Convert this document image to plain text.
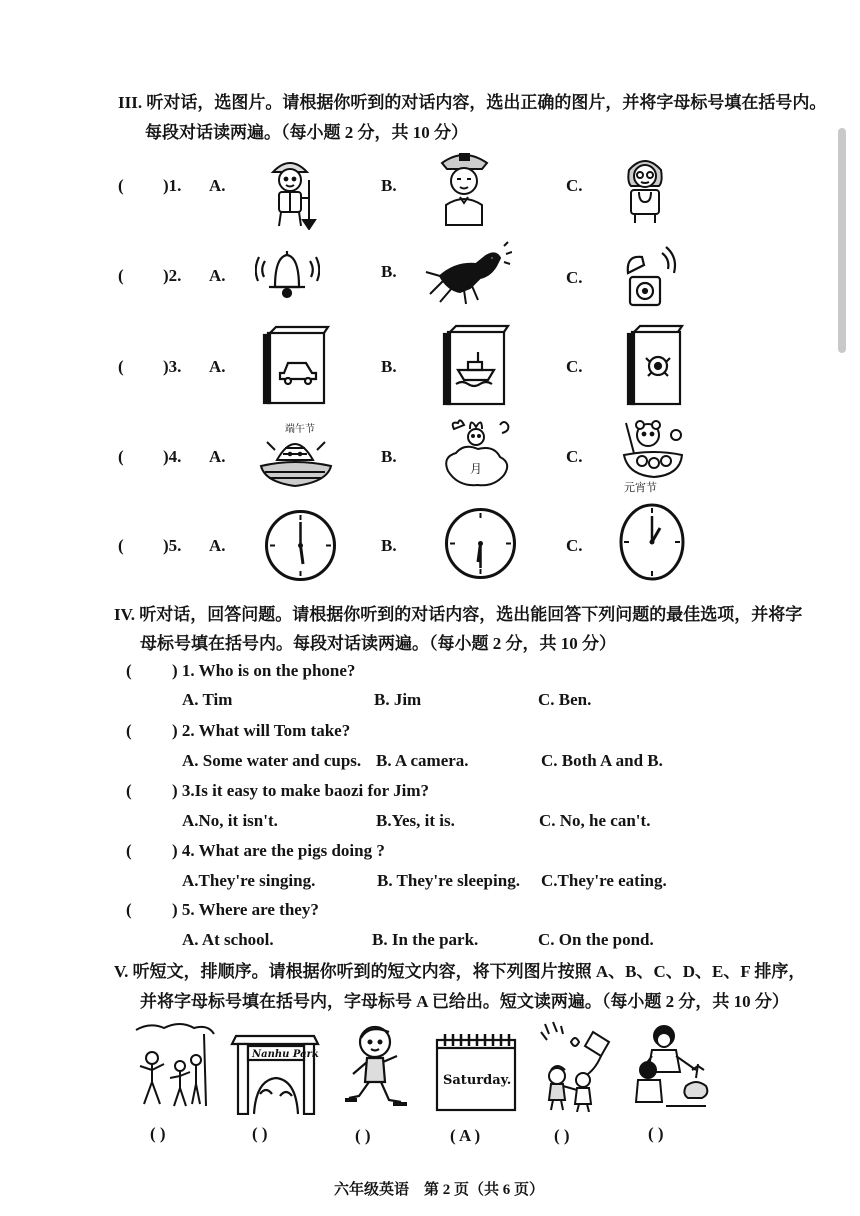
III. 听对话，选图片。请根据你听到的对话内容，选出正确的图片，并将字母标号填在括号内。
每段对话读两遍。（每小题 2 分，共 10 分）
( )1. A.	B.	C.
( )2. A.	B.	C.
( )3. A.	B.	C.
( )4. A.	B.	C.
端午节
月
元宵节
( )5. A.	B.	C.
IV. 听对话，回答问题。请根据你听到的对话内容，选出能回答下列问题的最佳选项，并将字
母标号填在括号内。每段对话读两遍。（每小题 2 分，共 10 分）
( ) 1. Who is on the phone?
A. Tim	B. Jim	C. Ben.
( ) 2. What will Tom take?
A. Some water and cups. B. A camera.	C. Both A and B.
( ) 3.Is it easy to make baozi for Jim?
A.No, it isn't.	B.Yes, it is.	C. No, he can't.
( ) 4. What are the pigs doing ?
A.They're singing.	B. They're sleeping. C.They're eating.
( ) 5. Where are they?
A. At school.	B. In the park.	C. On the pond.
V. 听短文，排顺序。请根据你听到的短文内容，将下列图片按照 A、B、C、D、E、F 排序，
并将字母标号填在括号内，字母标号 A 已给出。短文读两遍。（每小题 2 分，共 10 分）
Nanhu Park
Saturday.
( )	( )	( )	( A )	( )	( )
六年级英语　第 2 页（共 6 页）
